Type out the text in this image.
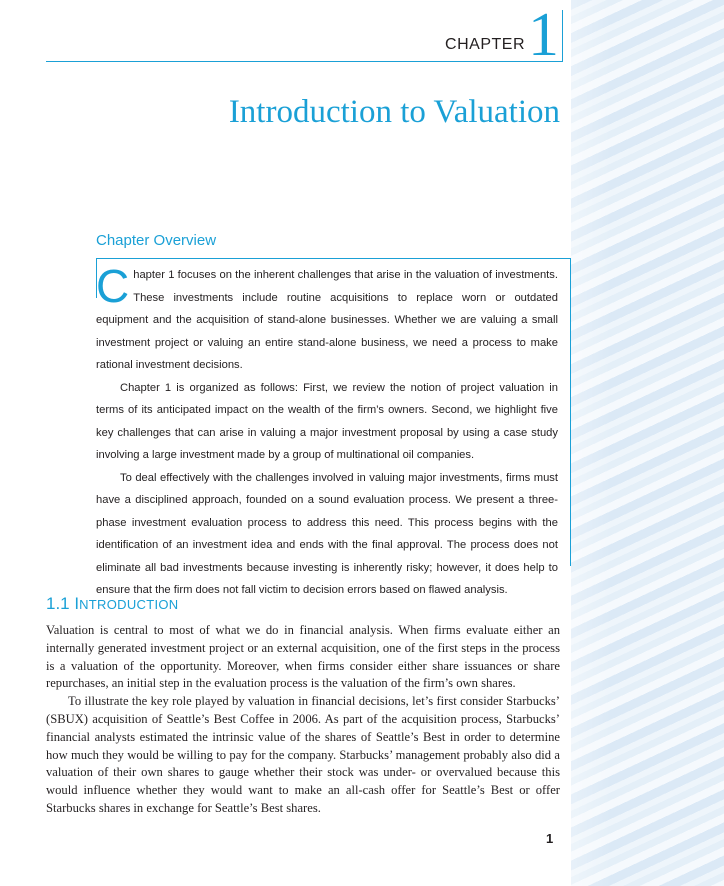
CHAPTER 1
Introduction to Valuation
Chapter Overview

Chapter 1 focuses on the inherent challenges that arise in the valuation of investments. These investments include routine acquisitions to replace worn or outdated equipment and the acquisition of stand-alone businesses. Whether we are valuing a small investment project or valuing an entire stand-alone business, we need a process to make rational investment decisions.

Chapter 1 is organized as follows: First, we review the notion of project valuation in terms of its anticipated impact on the wealth of the firm’s owners. Second, we highlight five key challenges that can arise in valuing a major investment proposal by using a case study involving a large investment made by a group of multinational oil companies.

To deal effectively with the challenges involved in valuing major investments, firms must have a disciplined approach, founded on a sound evaluation process. We present a three-phase investment evaluation process to address this need. This process begins with the identification of an investment idea and ends with the final approval. The process does not eliminate all bad investments because investing is inherently risky; however, it does help to ensure that the firm does not fall victim to decision errors based on flawed analysis.

1.1 INTRODUCTION

Valuation is central to most of what we do in financial analysis. When firms evaluate either an internally generated investment project or an external acquisition, one of the first steps in the process is a valuation of the opportunity. Moreover, when firms consider either share issuances or share repurchases, an initial step in the evaluation process is the valuation of the firm’s own shares.

To illustrate the key role played by valuation in financial decisions, let’s first consider Starbucks’ (SBUX) acquisition of Seattle’s Best Coffee in 2006. As part of the acquisition process, Starbucks’ financial analysts estimated the intrinsic value of the shares of Seattle’s Best in order to determine how much they would be willing to pay for the company. Starbucks’ management probably also did a valuation of their own shares to gauge whether their stock was under- or overvalued because this would influence whether they would want to make an all-cash offer for Seattle’s Best or offer Starbucks shares in exchange for Seattle’s Best shares.

1
